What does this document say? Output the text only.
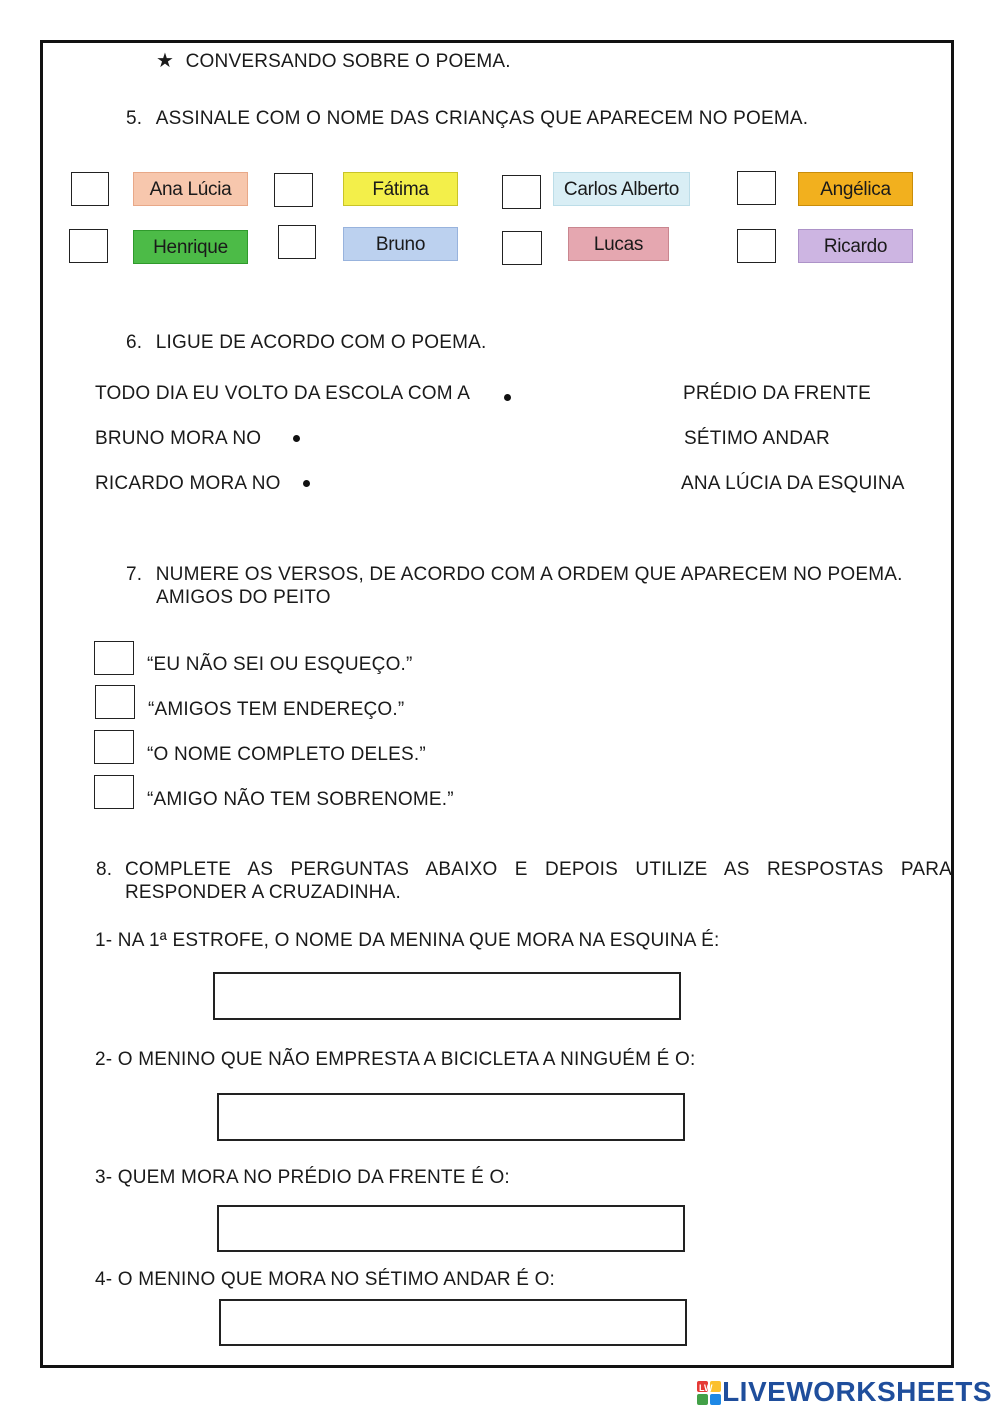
★ CONVERSANDO SOBRE O POEMA.
5. ASSINALE COM O NOME DAS CRIANÇAS QUE APARECEM NO POEMA.
Ana Lúcia	Fátima	Carlos Alberto	Angélica
Henrique	Bruno	Lucas	Ricardo
6. LIGUE DE ACORDO COM O POEMA.
TODO DIA EU VOLTO DA ESCOLA COM A
BRUNO MORA NO
RICARDO MORA NO
PRÉDIO DA FRENTE
SÉTIMO ANDAR
ANA LÚCIA DA ESQUINA
7. NUMERE OS VERSOS, DE ACORDO COM A ORDEM QUE APARECEM NO POEMA.
AMIGOS DO PEITO
“EU NÃO SEI OU ESQUEÇO.”
“AMIGOS TEM ENDEREÇO.”
“O NOME COMPLETO DELES.”
“AMIGO NÃO TEM SOBRENOME.”
8. COMPLETE AS PERGUNTAS ABAIXO E DEPOIS UTILIZE AS RESPOSTAS PARA
RESPONDER A CRUZADINHA.
1- NA 1ª ESTROFE, O NOME DA MENINA QUE MORA NA ESQUINA É:
2- O MENINO QUE NÃO EMPRESTA A BICICLETA A NINGUÉM É O:
3- QUEM MORA NO PRÉDIO DA FRENTE É O:
4- O MENINO QUE MORA NO SÉTIMO ANDAR É O:
LW LIVEWORKSHEETS
